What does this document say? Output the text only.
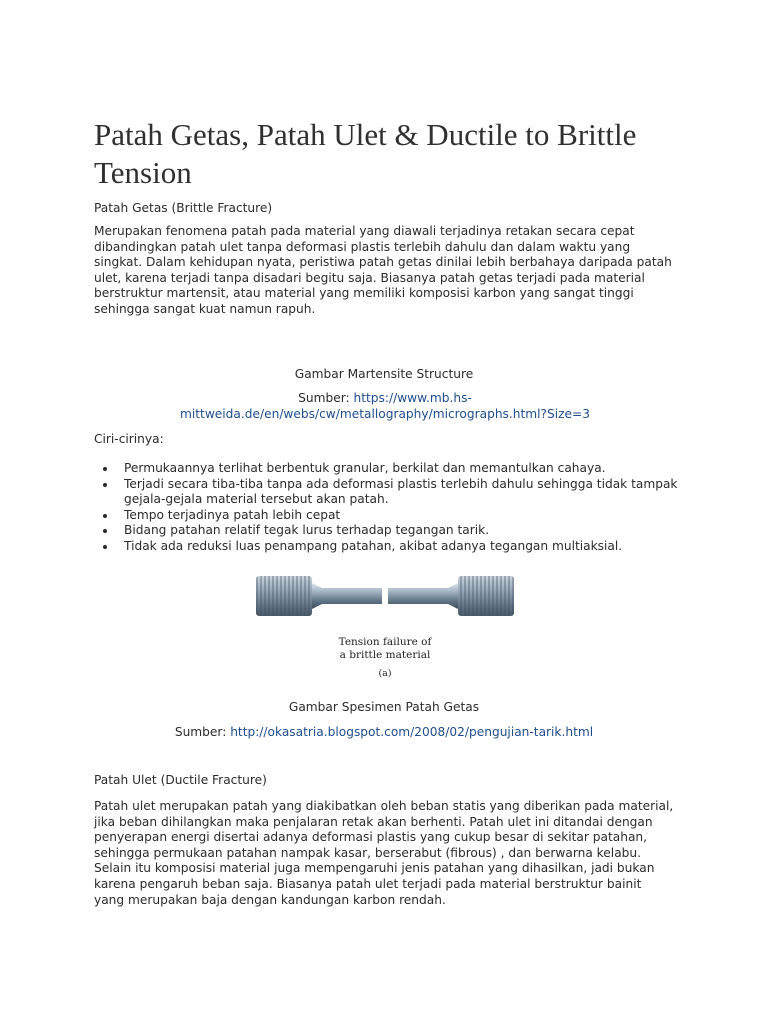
Patah Getas, Patah Ulet & Ductile to Brittle Tension

Patah Getas (Brittle Fracture)

Merupakan fenomena patah pada material yang diawali terjadinya retakan secara cepat dibandingkan patah ulet tanpa deformasi plastis terlebih dahulu dan dalam waktu yang singkat. Dalam kehidupan nyata, peristiwa patah getas dinilai lebih berbahaya daripada patah ulet, karena terjadi tanpa disadari begitu saja. Biasanya patah getas terjadi pada material berstruktur martensit, atau material yang memiliki komposisi karbon yang sangat tinggi sehingga sangat kuat namun rapuh.

Gambar Martensite Structure

Sumber: https://www.mb.hs-mittweida.de/en/webs/cw/metallography/micrographs.html?Size=3

Ciri-cirinya:

Permukaannya terlihat berbentuk granular, berkilat dan memantulkan cahaya.
Terjadi secara tiba-tiba tanpa ada deformasi plastis terlebih dahulu sehingga tidak tampak gejala-gejala material tersebut akan patah.
Tempo terjadinya patah lebih cepat
Bidang patahan relatif tegak lurus terhadap tegangan tarik.
Tidak ada reduksi luas penampang patahan, akibat adanya tegangan multiaksial.
Tension failure of
a brittle material
(a)

Gambar Spesimen Patah Getas

Sumber: http://okasatria.blogspot.com/2008/02/pengujian-tarik.html

Patah Ulet (Ductile Fracture)

Patah ulet merupakan patah yang diakibatkan oleh beban statis yang diberikan pada material, jika beban dihilangkan maka penjalaran retak akan berhenti. Patah ulet ini ditandai dengan penyerapan energi disertai adanya deformasi plastis yang cukup besar di sekitar patahan, sehingga permukaan patahan nampak kasar, berserabut (fibrous) , dan berwarna kelabu. Selain itu komposisi material juga mempengaruhi jenis patahan yang dihasilkan, jadi bukan karena pengaruh beban saja. Biasanya patah ulet terjadi pada material berstruktur bainit yang merupakan baja dengan kandungan karbon rendah.
